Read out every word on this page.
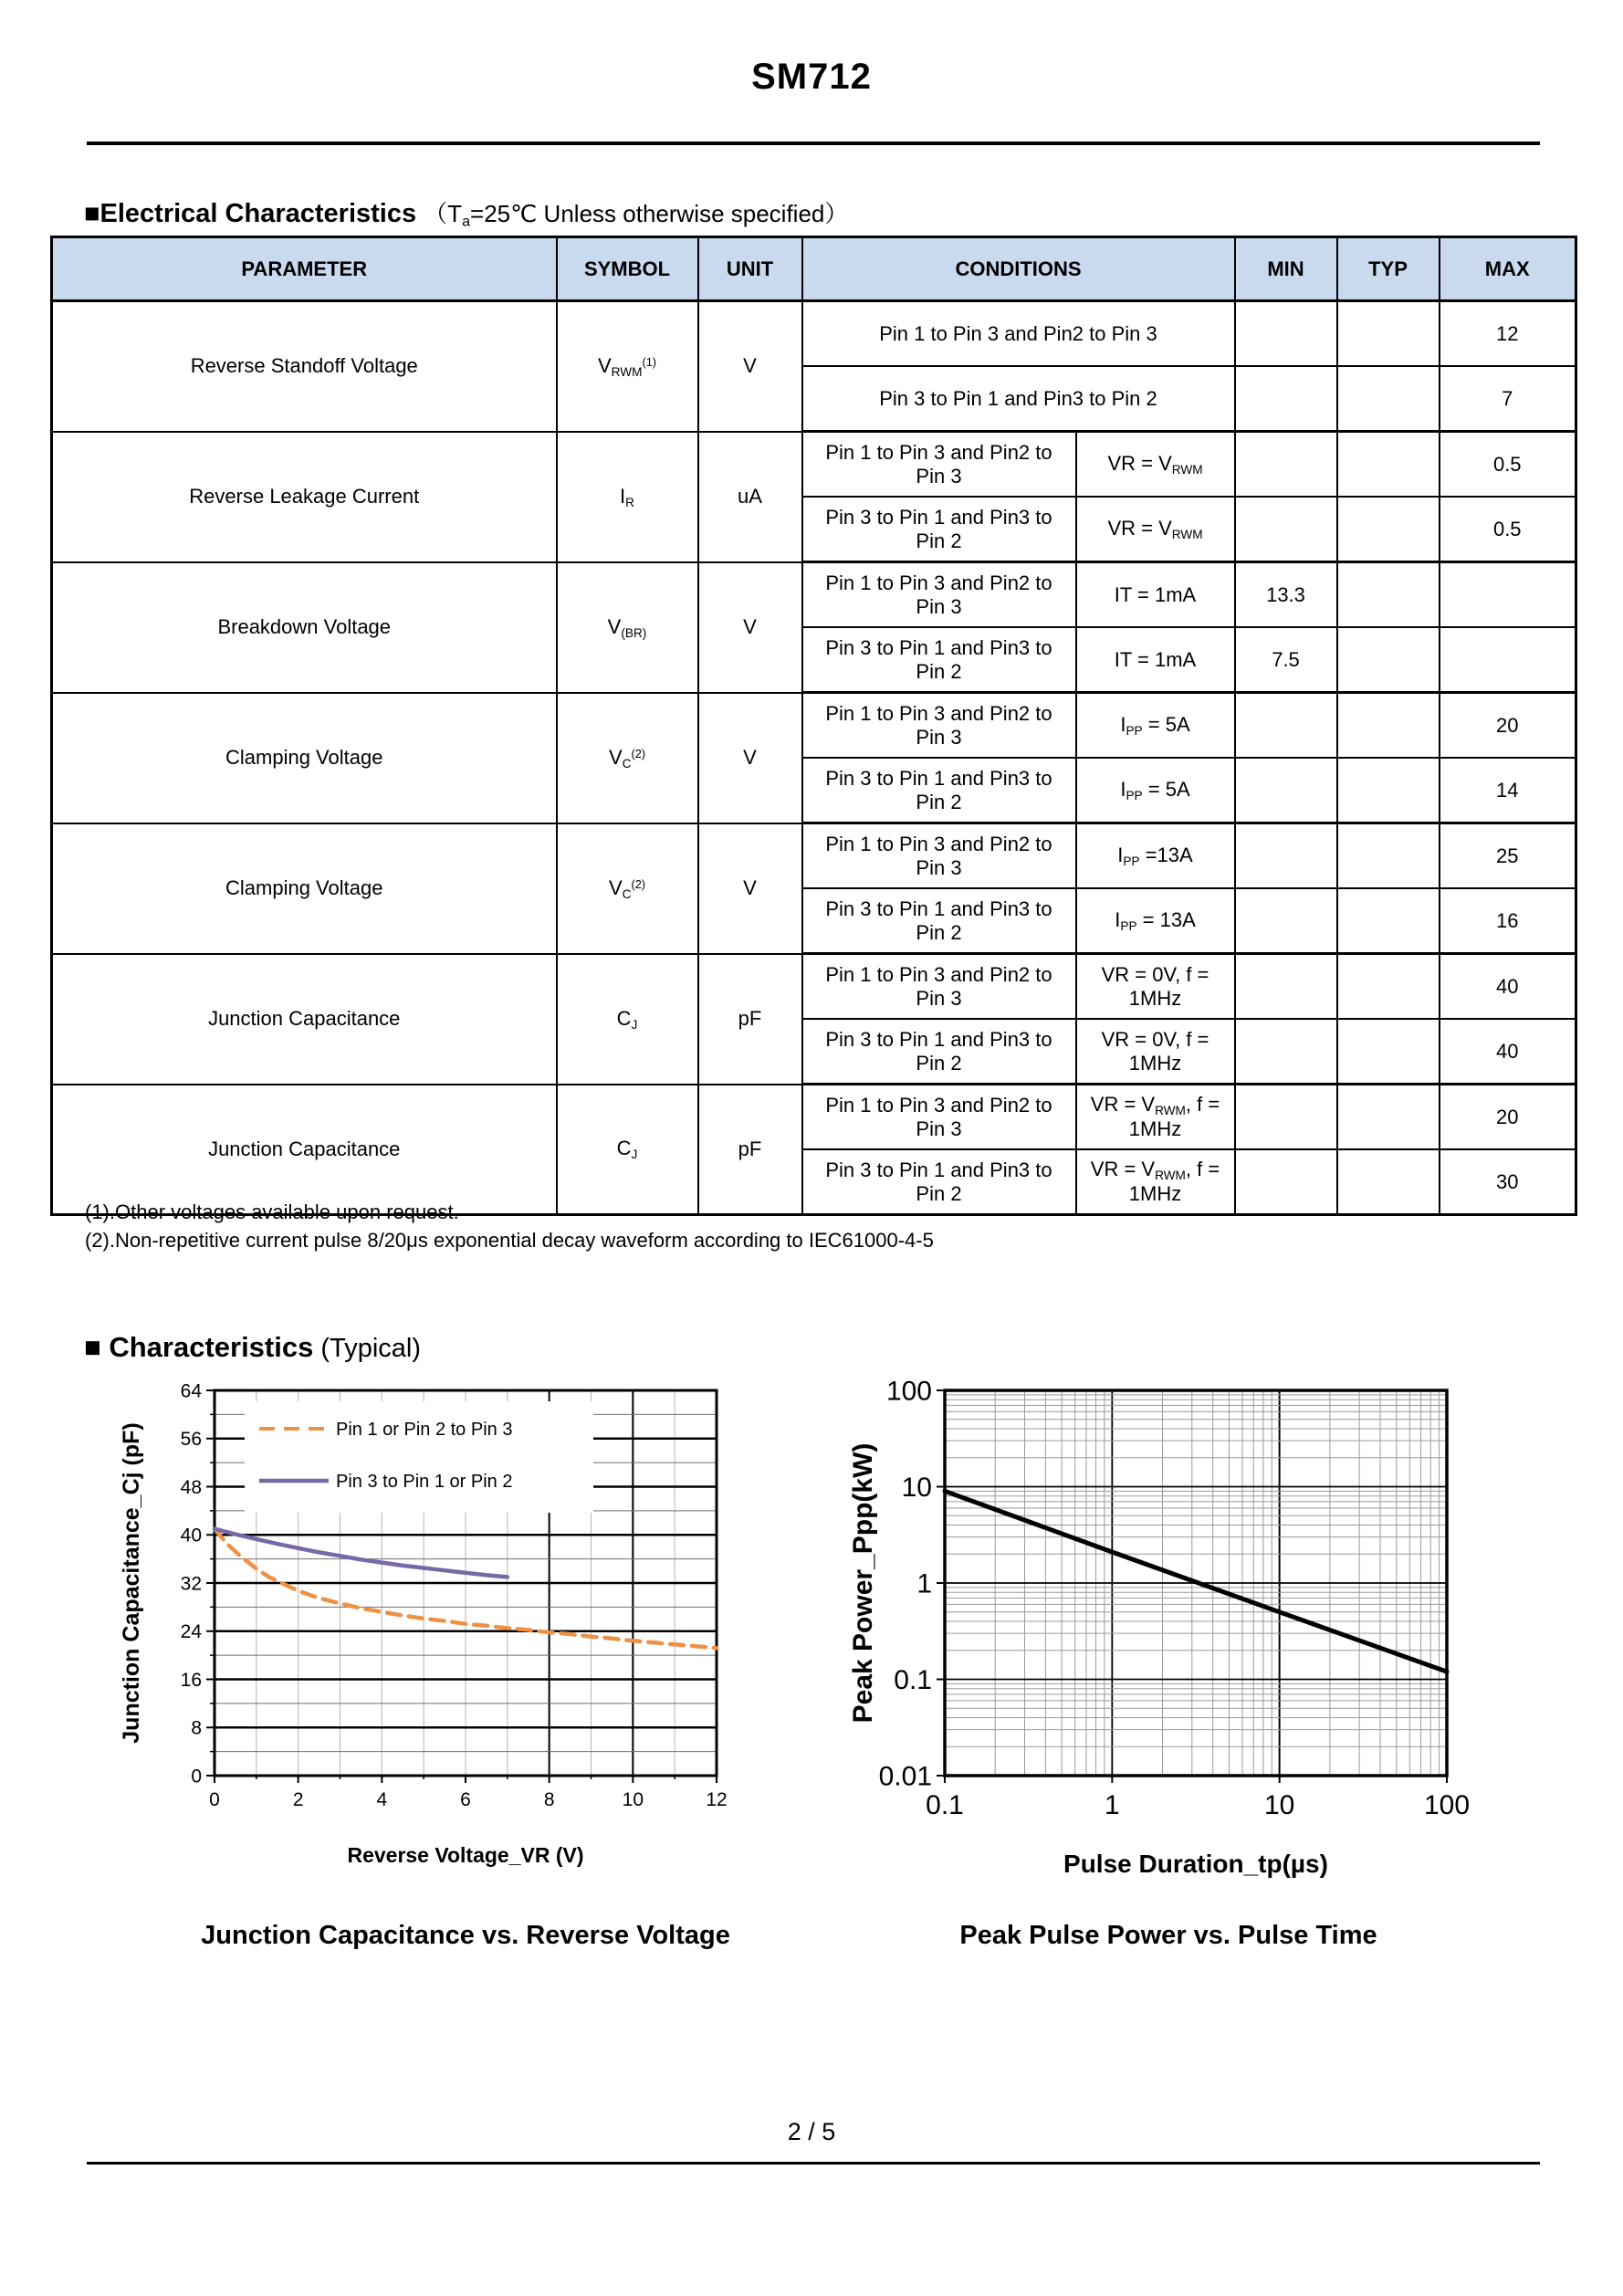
SM712
■Electrical Characteristics （$T_a=25℃$ Unless otherwise specified）
PARAMETER	SYMBOL	UNIT	CONDITIONS		MIN	TYP	MAX
Reverse Standoff Voltage	$V_{RWM}^{(1)}$	V	Pin 1 to Pin 3 and Pin2 to Pin 3				12
			Pin 3 to Pin 1 and Pin3 to Pin 2				7
Reverse Leakage Current	$I_R$	uA	Pin 1 to Pin 3 and Pin2 to Pin 3	VR = $V_{RWM}$			0.5
			Pin 3 to Pin 1 and Pin3 to Pin 2	VR = $V_{RWM}$			0.5
Breakdown Voltage	$V_{(BR)}$	V	Pin 1 to Pin 3 and Pin2 to Pin 3	IT = 1mA	13.3		
			Pin 3 to Pin 1 and Pin3 to Pin 2	IT = 1mA	7.5		
Clamping Voltage	$V_C^{(2)}$	V	Pin 1 to Pin 3 and Pin2 to Pin 3	$I_{PP} = 5A$			20
			Pin 3 to Pin 1 and Pin3 to Pin 2	$I_{PP} = 5A$			14
Clamping Voltage	$V_C^{(2)}$	V	Pin 1 to Pin 3 and Pin2 to Pin 3	$I_{PP} =13A$			25
			Pin 3 to Pin 1 and Pin3 to Pin 2	$I_{PP} = 13A$			16
Junction Capacitance	$C_J$	pF	Pin 1 to Pin 3 and Pin2 to Pin 3	VR = 0V, f = 1MHz			40
			Pin 3 to Pin 1 and Pin3 to Pin 2	VR = 0V, f = 1MHz			40
Junction Capacitance	$C_J$	pF	Pin 1 to Pin 3 and Pin2 to Pin 3	VR = $V_{RWM}$, f = 1MHz			20
			Pin 3 to Pin 1 and Pin3 to Pin 2	VR = $V_{RWM}$, f = 1MHz			30
(1).Other voltages available upon request.
(2).Non-repetitive current pulse 8/20μs exponential decay waveform according to IEC61000-4-5
■ Characteristics (Typical)
0
8
16
24
32
40
48
56
64
0	2	4	6	8	10	12
Reverse Voltage_VR (V)
Junction Capacitance_Cj (pF)	Pin 1 or Pin 2 to Pin 3
Pin 3 to Pin 1 or Pin 2
0.01
0.1
1
10
100
0.1	1	10	100
Pulse Duration_tp(µs)
Peak Power_Ppp(kW)
Junction Capacitance vs. Reverse Voltage	Peak Pulse Power vs. Pulse Time
2 / 5
